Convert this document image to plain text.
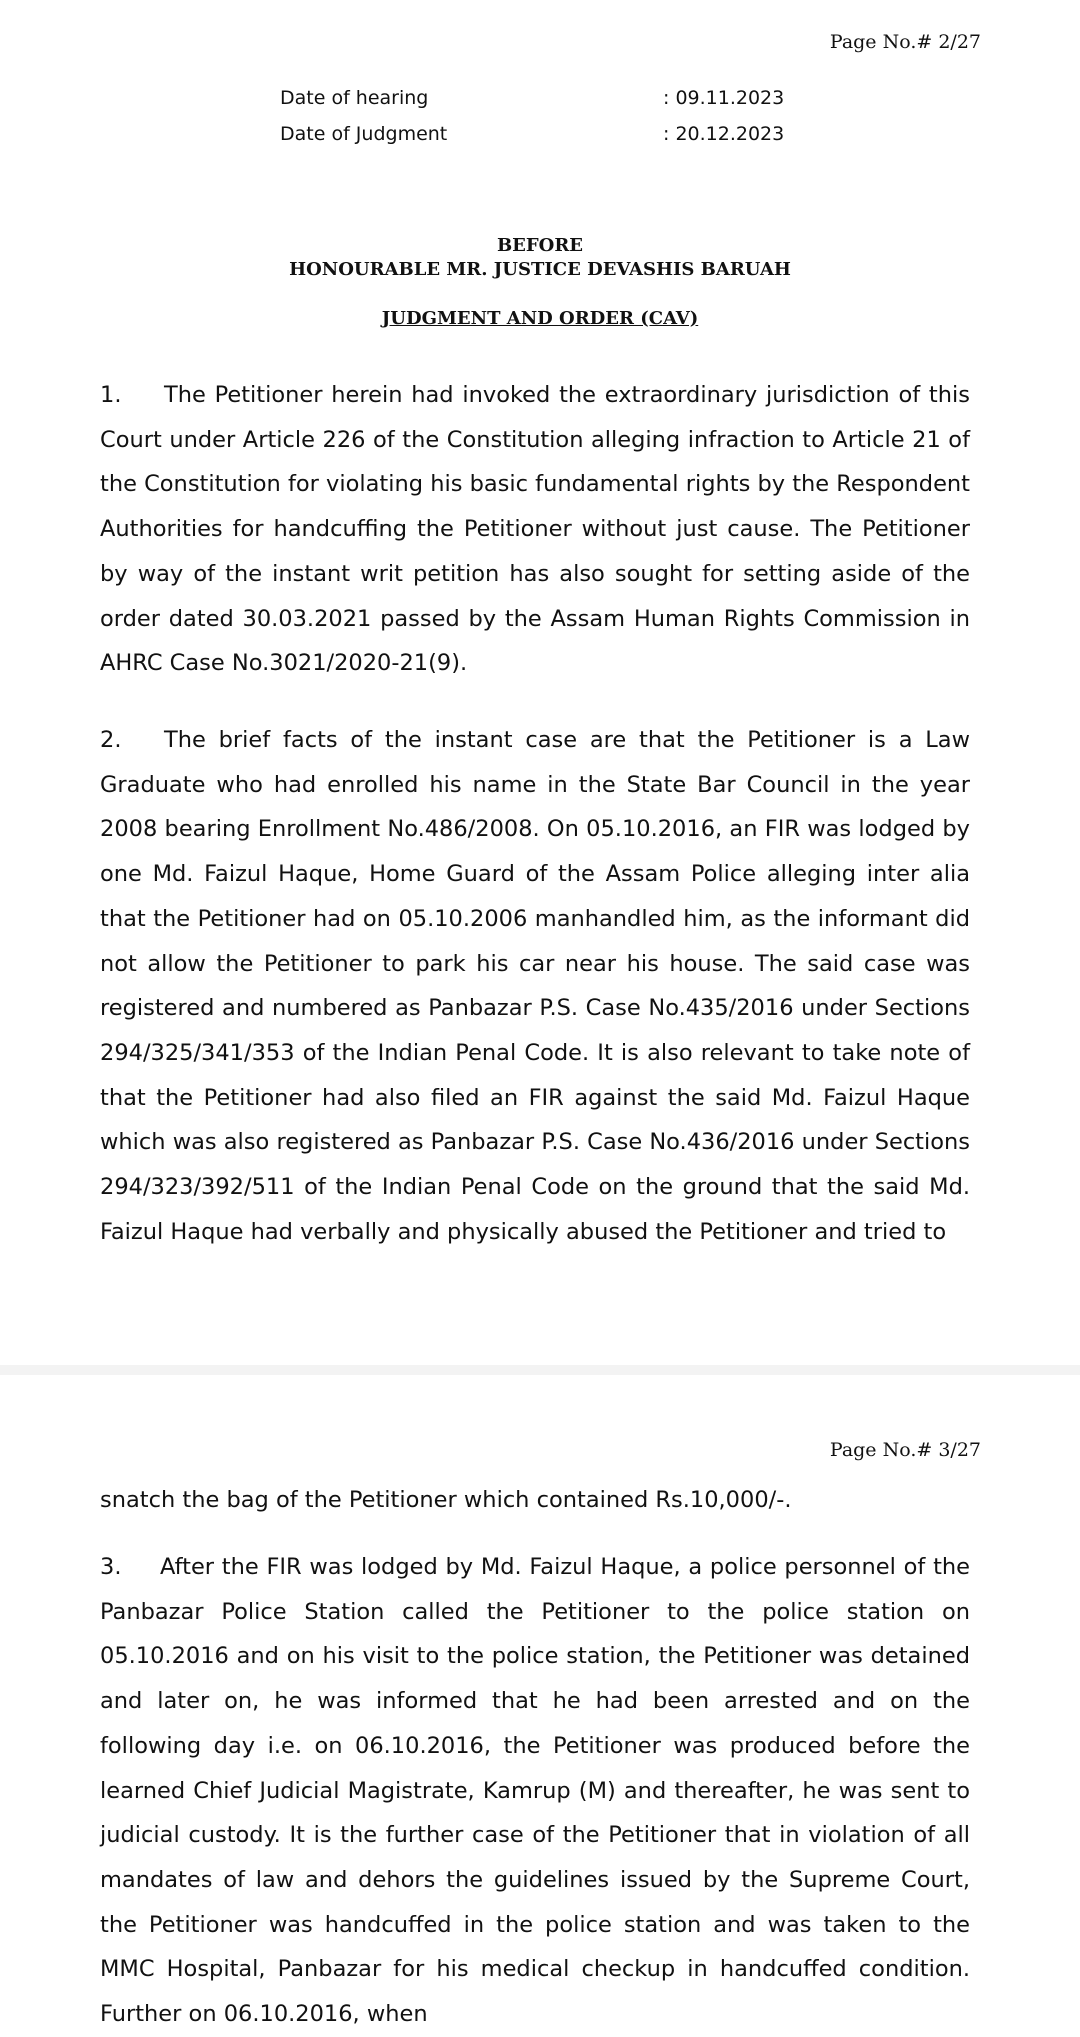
Page No.# 2/27
Date of hearing	: 09.11.2023
Date of Judgment	: 20.12.2023
BEFORE
HONOURABLE MR. JUSTICE DEVASHIS BARUAH
JUDGMENT AND ORDER (CAV)

1. The Petitioner herein had invoked the extraordinary jurisdiction of this Court under Article 226 of the Constitution alleging infraction to Article 21 of the Constitution for violating his basic fundamental rights by the Respondent Authorities for handcuffing the Petitioner without just cause. The Petitioner by way of the instant writ petition has also sought for setting aside of the order dated 30.03.2021 passed by the Assam Human Rights Commission in AHRC Case No.3021/2020-21(9).

2. The brief facts of the instant case are that the Petitioner is a Law Graduate who had enrolled his name in the State Bar Council in the year 2008 bearing Enrollment No.486/2008. On 05.10.2016, an FIR was lodged by one Md. Faizul Haque, Home Guard of the Assam Police alleging inter alia that the Petitioner had on 05.10.2006 manhandled him, as the informant did not allow the Petitioner to park his car near his house. The said case was registered and numbered as Panbazar P.S. Case No.435/2016 under Sections 294/325/341/353 of the Indian Penal Code. It is also relevant to take note of that the Petitioner had also filed an FIR against the said Md. Faizul Haque which was also registered as Panbazar P.S. Case No.436/2016 under Sections 294/323/392/511 of the Indian Penal Code on the ground that the said Md. Faizul Haque had verbally and physically abused the Petitioner and tried to

Page No.# 3/27

snatch the bag of the Petitioner which contained Rs.10,000/-.

3. After the FIR was lodged by Md. Faizul Haque, a police personnel of the Panbazar Police Station called the Petitioner to the police station on 05.10.2016 and on his visit to the police station, the Petitioner was detained and later on, he was informed that he had been arrested and on the following day i.e. on 06.10.2016, the Petitioner was produced before the learned Chief Judicial Magistrate, Kamrup (M) and thereafter, he was sent to judicial custody. It is the further case of the Petitioner that in violation of all mandates of law and dehors the guidelines issued by the Supreme Court, the Petitioner was handcuffed in the police station and was taken to the MMC Hospital, Panbazar for his medical checkup in handcuffed condition. Further on 06.10.2016, when
